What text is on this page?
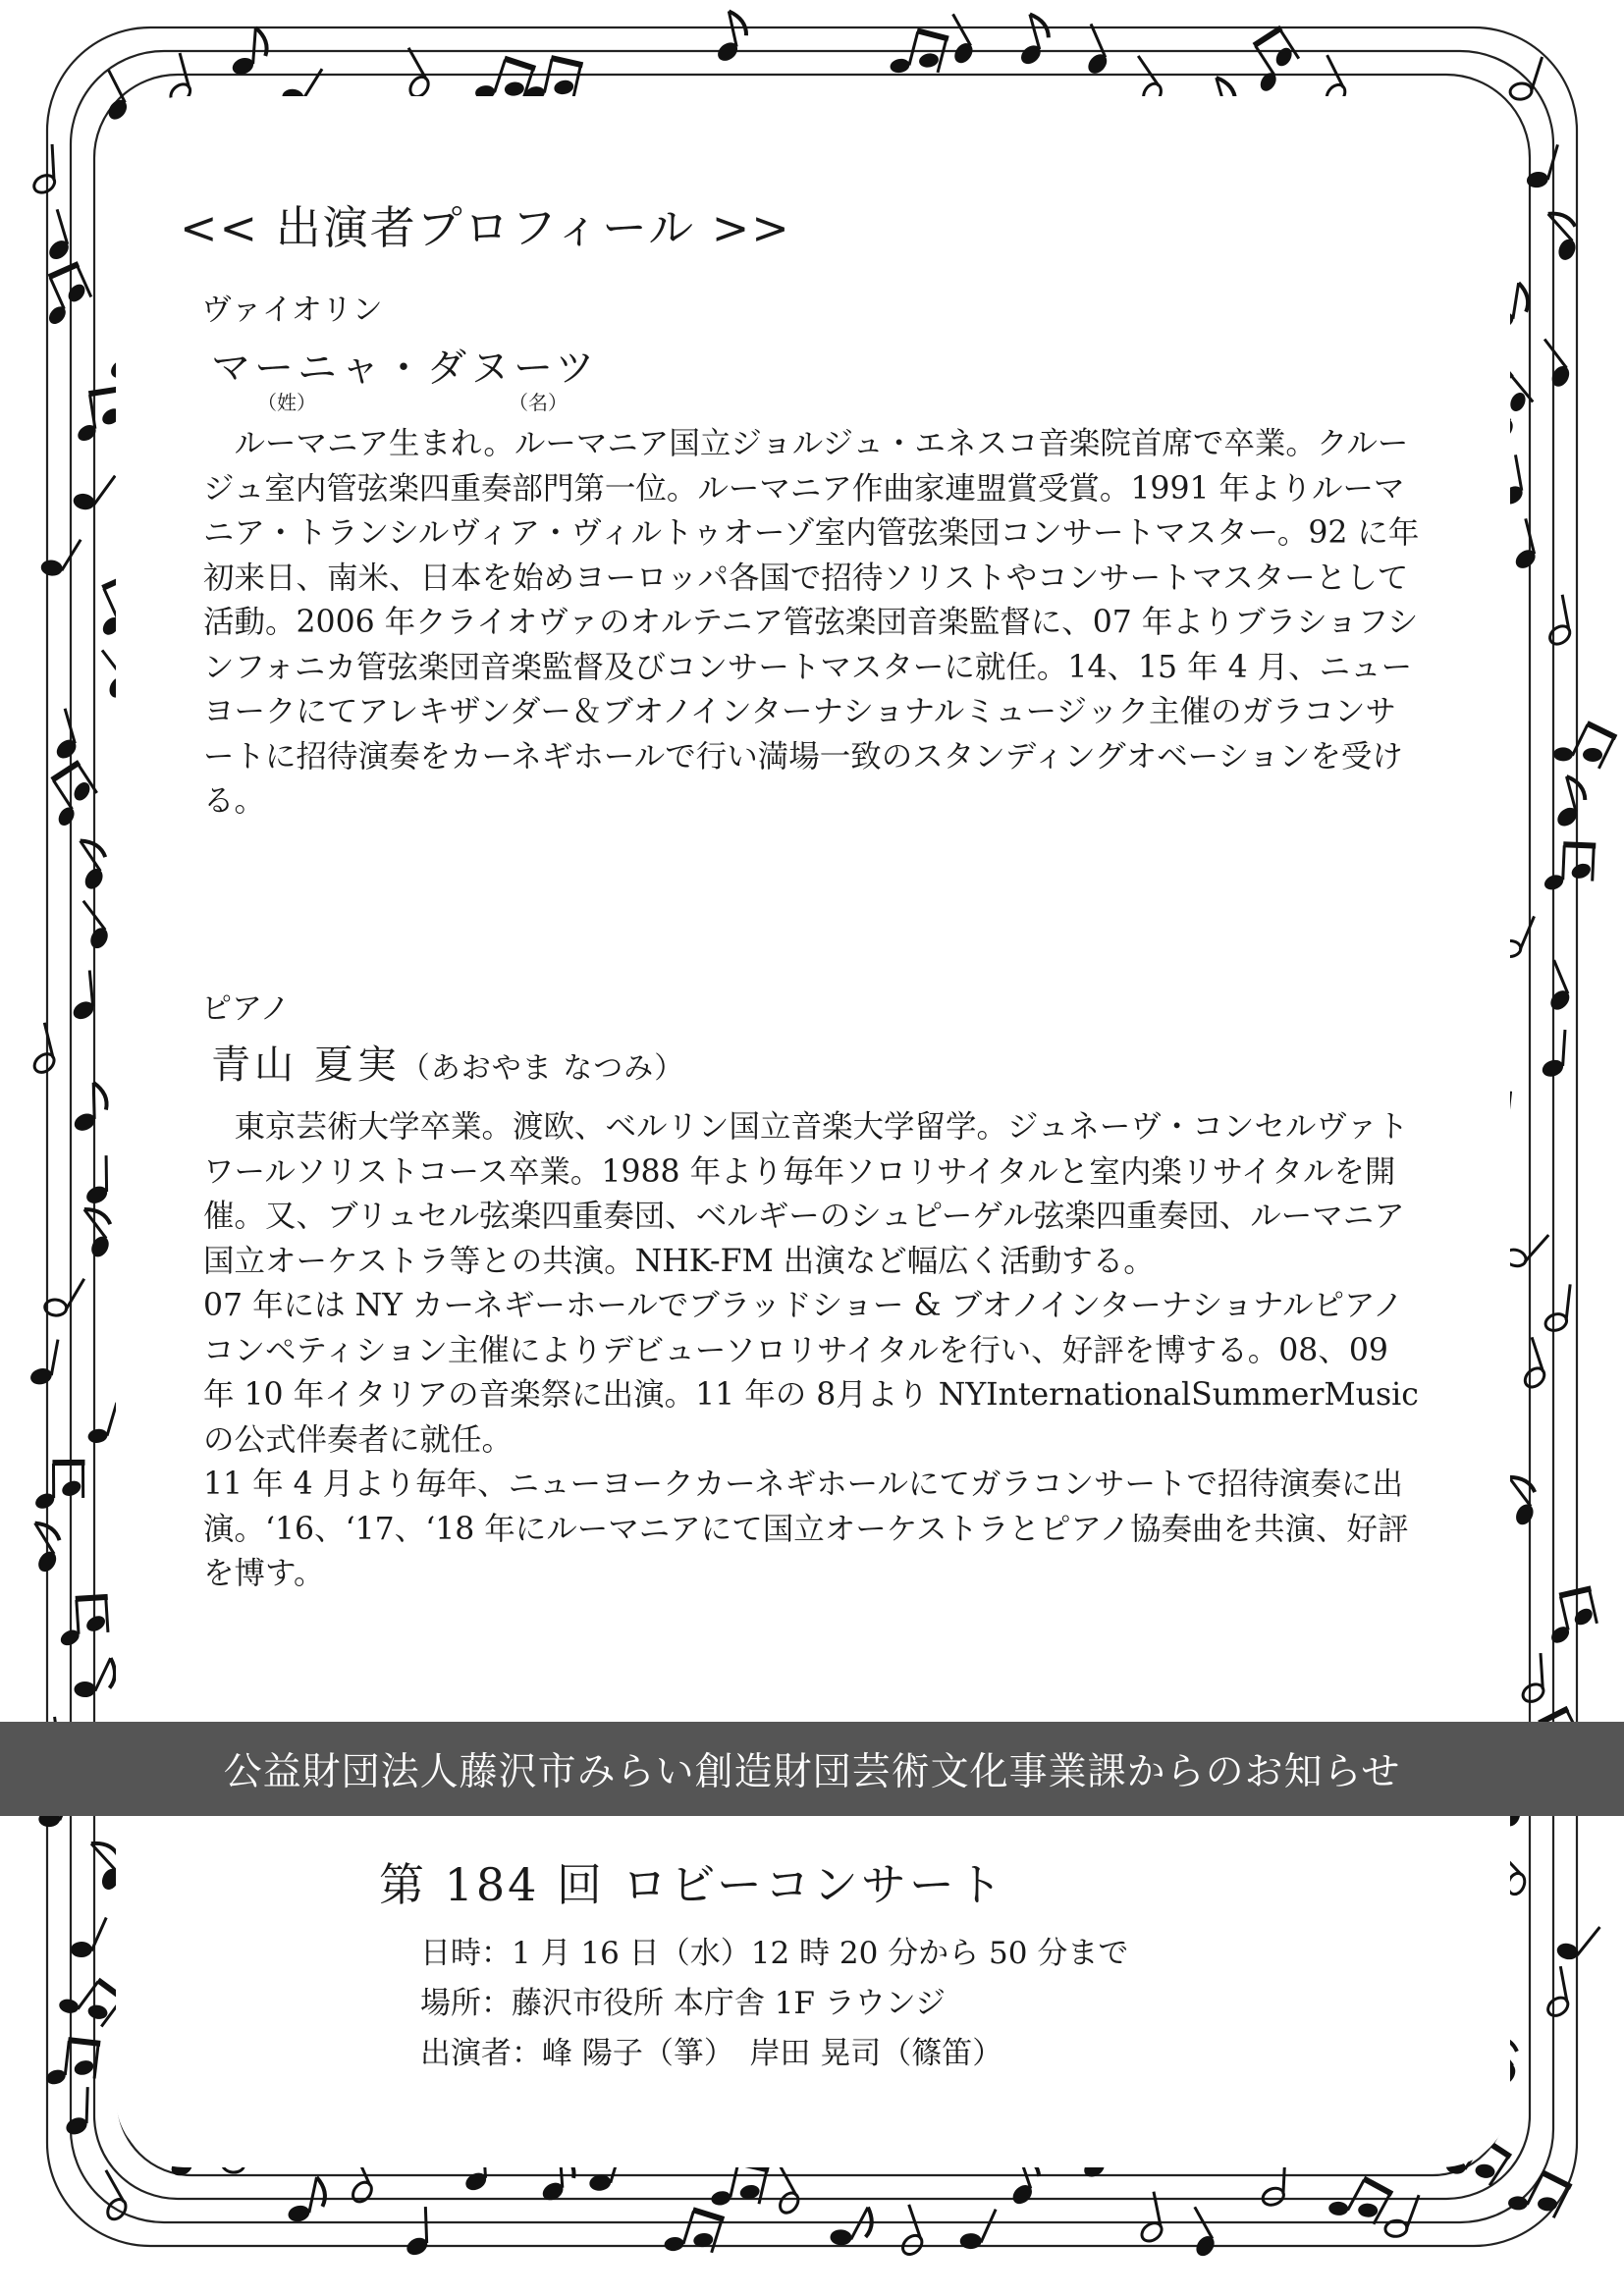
<< 出演者プロフィール >>
ヴァイオリン
マーニャ・ダヌーツ
（姓）	（名）

ルーマニア生まれ。ルーマニア国立ジョルジュ・エネスコ音楽院首席で卒業。クルージュ室内管弦楽四重奏部門第一位。ルーマニア作曲家連盟賞受賞。1991 年よりルーマニア・トランシルヴィア・ヴィルトゥオーゾ室内管弦楽団コンサートマスター。92 に年初来日、南米、日本を始めヨーロッパ各国で招待ソリストやコンサートマスターとして活動。2006 年クライオヴァのオルテニア管弦楽団音楽監督に、07 年よりブラショフシンフォニカ管弦楽団音楽監督及びコンサートマスターに就任。14、15 年 4 月、ニューヨークにてアレキザンダー＆ブオノインターナショナルミュージック主催のガラコンサートに招待演奏をカーネギホールで行い満場一致のスタンディングオベーションを受ける。

ピアノ
青山 夏実（あおやま なつみ）

東京芸術大学卒業。渡欧、ベルリン国立音楽大学留学。ジュネーヴ・コンセルヴァトワールソリストコース卒業。1988 年より毎年ソロリサイタルと室内楽リサイタルを開催。又、ブリュセル弦楽四重奏団、ベルギーのシュピーゲル弦楽四重奏団、ルーマニア国立オーケストラ等との共演。NHK-FM 出演など幅広く活動する。

07 年には NY カーネギーホールでブラッドショー & ブオノインターナショナルピアノコンペティション主催によりデビューソロリサイタルを行い、好評を博する。08、09 年 10 年イタリアの音楽祭に出演。11 年の 8月より NYInternationalSummerMusic の公式伴奏者に就任。

11 年 4 月より毎年、ニューヨークカーネギホールにてガラコンサートで招待演奏に出演。‘16、‘17、‘18 年にルーマニアにて国立オーケストラとピアノ協奏曲を共演、好評を博す。

公益財団法人藤沢市みらい創造財団芸術文化事業課からのお知らせ
第 184 回 ロビーコンサート
日時：1 月 16 日（水）12 時 20 分から 50 分まで
場所：藤沢市役所 本庁舎 1F ラウンジ
出演者：峰 陽子（箏）　岸田 晃司（篠笛）
